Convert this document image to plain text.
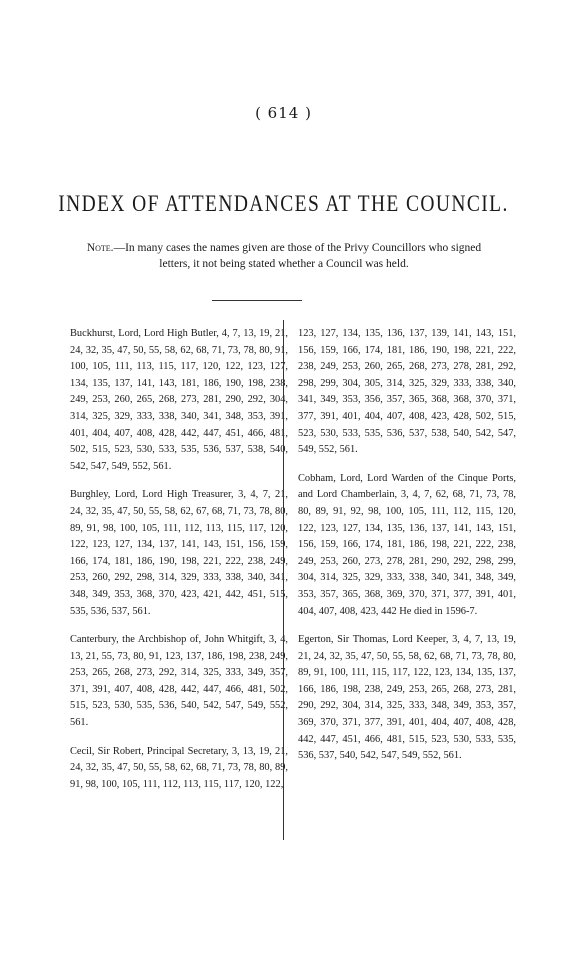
( 614 )
INDEX OF ATTENDANCES AT THE COUNCIL.
Note.—In many cases the names given are those of the Privy Councillors who signed letters, it not being stated whether a Council was held.

Buckhurst, Lord, Lord High Butler, 4, 7, 13, 19, 21, 24, 32, 35, 47, 50, 55, 58, 62, 68, 71, 73, 78, 80, 91, 100, 105, 111, 113, 115, 117, 120, 122, 123, 127, 134, 135, 137, 141, 143, 181, 186, 190, 198, 238, 249, 253, 260, 265, 268, 273, 281, 290, 292, 304, 314, 325, 329, 333, 338, 340, 341, 348, 353, 391, 401, 404, 407, 408, 428, 442, 447, 451, 466, 481, 502, 515, 523, 530, 533, 535, 536, 537, 538, 540, 542, 547, 549, 552, 561.

Burghley, Lord, Lord High Treasurer, 3, 4, 7, 21, 24, 32, 35, 47, 50, 55, 58, 62, 67, 68, 71, 73, 78, 80, 89, 91, 98, 100, 105, 111, 112, 113, 115, 117, 120, 122, 123, 127, 134, 137, 141, 143, 151, 156, 159, 166, 174, 181, 186, 190, 198, 221, 222, 238, 249, 253, 260, 292, 298, 314, 329, 333, 338, 340, 341, 348, 349, 353, 368, 370, 423, 421, 442, 451, 515, 535, 536, 537, 561.

Canterbury, the Archbishop of, John Whitgift, 3, 4, 13, 21, 55, 73, 80, 91, 123, 137, 186, 198, 238, 249, 253, 265, 268, 273, 292, 314, 325, 333, 349, 357, 371, 391, 407, 408, 428, 442, 447, 466, 481, 502, 515, 523, 530, 535, 536, 540, 542, 547, 549, 552, 561.

Cecil, Sir Robert, Principal Secretary, 3, 13, 19, 21, 24, 32, 35, 47, 50, 55, 58, 62, 68, 71, 73, 78, 80, 89, 91, 98, 100, 105, 111, 112, 113, 115, 117, 120, 122,

123, 127, 134, 135, 136, 137, 139, 141, 143, 151, 156, 159, 166, 174, 181, 186, 190, 198, 221, 222, 238, 249, 253, 260, 265, 268, 273, 278, 281, 292, 298, 299, 304, 305, 314, 325, 329, 333, 338, 340, 341, 349, 353, 356, 357, 365, 368, 368, 370, 371, 377, 391, 401, 404, 407, 408, 423, 428, 502, 515, 523, 530, 533, 535, 536, 537, 538, 540, 542, 547, 549, 552, 561.

Cobham, Lord, Lord Warden of the Cinque Ports, and Lord Chamberlain, 3, 4, 7, 62, 68, 71, 73, 78, 80, 89, 91, 92, 98, 100, 105, 111, 112, 115, 120, 122, 123, 127, 134, 135, 136, 137, 141, 143, 151, 156, 159, 166, 174, 181, 186, 198, 221, 222, 238, 249, 253, 260, 273, 278, 281, 290, 292, 298, 299, 304, 314, 325, 329, 333, 338, 340, 341, 348, 349, 353, 357, 365, 368, 369, 370, 371, 377, 391, 401, 404, 407, 408, 423, 442 He died in 1596-7.

Egerton, Sir Thomas, Lord Keeper, 3, 4, 7, 13, 19, 21, 24, 32, 35, 47, 50, 55, 58, 62, 68, 71, 73, 78, 80, 89, 91, 100, 111, 115, 117, 122, 123, 134, 135, 137, 166, 186, 198, 238, 249, 253, 265, 268, 273, 281, 290, 292, 304, 314, 325, 333, 348, 349, 353, 357, 369, 370, 371, 377, 391, 401, 404, 407, 408, 428, 442, 447, 451, 466, 481, 515, 523, 530, 533, 535, 536, 537, 540, 542, 547, 549, 552, 561.
